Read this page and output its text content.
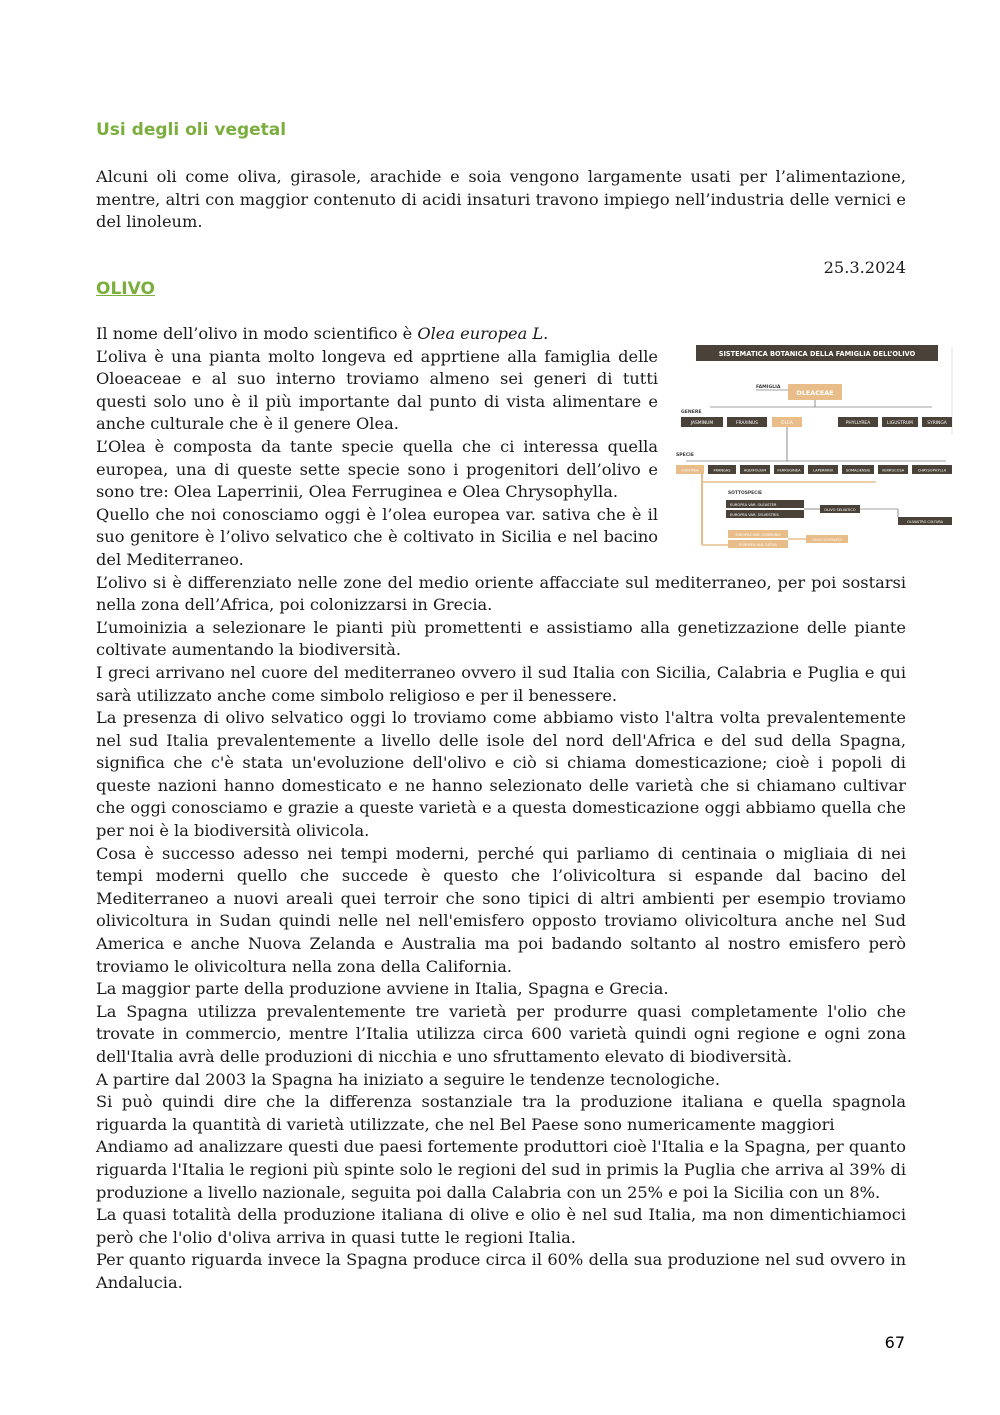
Usi degli oli vegetal

Alcuni oli come oliva, girasole, arachide e soia vengono largamente usati per l’alimentazione, mentre, altri con maggior contenuto di acidi insaturi travono impiego nell’industria delle vernici e del linoleum.

25.3.2024
OLIVO

Il nome dell’olivo in modo scientifico è Olea europea L.

L’oliva è una pianta molto longeva ed apprtiene alla famiglia delle Oloeaceae e al suo interno troviamo almeno sei generi di tutti questi solo uno è il più importante dal punto di vista alimentare e anche culturale che è il genere Olea.

L’Olea è composta da tante specie quella che ci interessa quella europea, una di queste sette specie sono i progenitori dell’olivo e sono tre: Olea Laperrinii, Olea Ferruginea e Olea Chrysophylla.

Quello che noi conosciamo oggi è l’olea europea var. sativa che è il suo genitore è l’olivo selvatico che è coltivato in Sicilia e nel bacino del Mediterraneo.

L’olivo si è differenziato nelle zone del medio oriente affacciate sul mediterraneo, per poi sostarsi nella zona dell’Africa, poi colonizzarsi in Grecia.

L’umoinizia a selezionare le pianti più promettenti e assistiamo alla genetizzazione delle piante coltivate aumentando la biodiversità.

I greci arrivano nel cuore del mediterraneo ovvero il sud Italia con Sicilia, Calabria e Puglia e qui sarà utilizzato anche come simbolo religioso e per il benessere.

La presenza di olivo selvatico oggi lo troviamo come abbiamo visto l'altra volta prevalentemente nel sud Italia prevalentemente a livello delle isole del nord dell'Africa e del sud della Spagna, significa che c'è stata un'evoluzione dell'olivo e ciò si chiama domesticazione; cioè i popoli di queste nazioni hanno domesticato e ne hanno selezionato delle varietà che si chiamano cultivar che oggi conosciamo e grazie a queste varietà e a questa domesticazione oggi abbiamo quella che per noi è la biodiversità olivicola.

Cosa è successo adesso nei tempi moderni, perché qui parliamo di centinaia o migliaia di nei tempi moderni quello che succede è questo che l’olivicoltura si espande dal bacino del Mediterraneo a nuovi areali quei terroir che sono tipici di altri ambienti per esempio troviamo olivicoltura in Sudan quindi nelle nel nell'emisfero opposto troviamo olivicoltura anche nel Sud America e anche Nuova Zelanda e Australia ma poi badando soltanto al nostro emisfero però troviamo le olivicoltura nella zona della California.

La maggior parte della produzione avviene in Italia, Spagna e Grecia.

La Spagna utilizza prevalentemente tre varietà per produrre quasi completamente l'olio che trovate in commercio, mentre l’Italia utilizza circa 600 varietà quindi ogni regione e ogni zona dell'Italia avrà delle produzioni di nicchia e uno sfruttamento elevato di biodiversità.

A partire dal 2003 la Spagna ha iniziato a seguire le tendenze tecnologiche.

Si può quindi dire che la differenza sostanziale tra la produzione italiana e quella spagnola riguarda la quantità di varietà utilizzate, che nel Bel Paese sono numericamente maggiori

Andiamo ad analizzare questi due paesi fortemente produttori cioè l'Italia e la Spagna, per quanto riguarda l'Italia le regioni più spinte solo le regioni del sud in primis la Puglia che arriva al 39% di produzione a livello nazionale, seguita poi dalla Calabria con un 25% e poi la Sicilia con un 8%.

La quasi totalità della produzione italiana di olive e olio è nel sud Italia, ma non dimentichiamoci però che l'olio d'oliva arriva in quasi tutte le regioni Italia.

Per quanto riguarda invece la Spagna produce circa il 60% della sua produzione nel sud ovvero in Andalucia.

SISTEMATICA BOTANICA DELLA FAMIGLIA DELL’OLIVO
FAMIGLIA
OLEACEAE
GENERE
JASMINUM	FRAXINUS	OLEA	PHYLLYREA	LIGUSTRUM	SYRINGA
SPECIE
EUROPEA	FRANGAS	AQUIFOLIUM	FERRUGINEA	LAPERRINII	SOMALIENSIS	VERRUCOSA	CHRYSOPHYLLA
SOTTOSPECIE
EUROPEA VAR. OLEASTER
EUROPEA VAR. SYLVESTRIS
OLIVO SELVATICO
OLIVASTRO COLTURA
EUROPEA VAR. COMMUNIS
EUROPEA VAR. SATIVA
OLIVO COLTIVATO
67
